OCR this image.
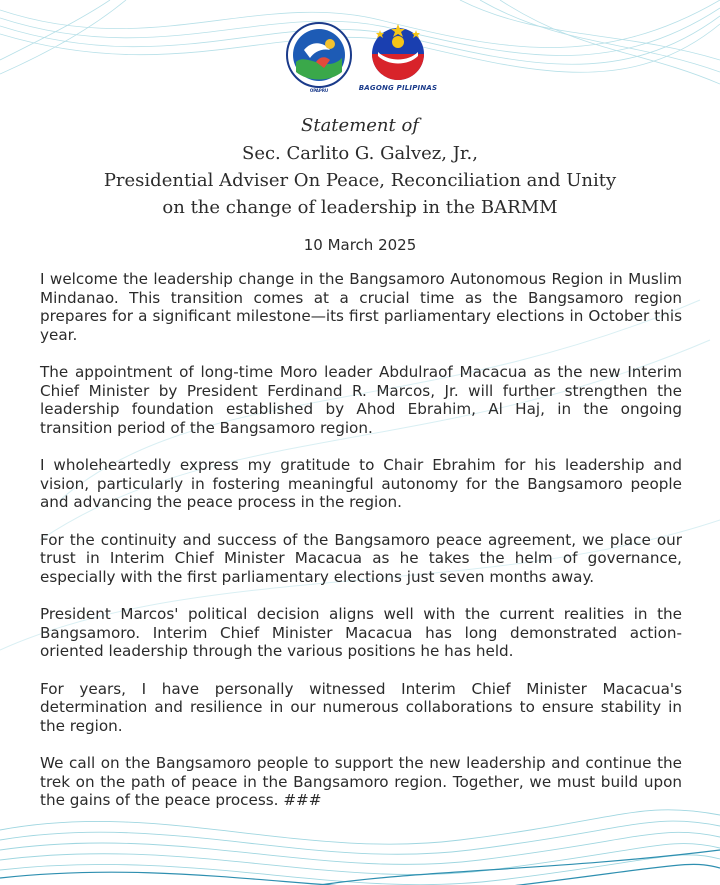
OPAPRU	BAGONG PILIPINAS
Statement of
Sec. Carlito G. Galvez, Jr.,
Presidential Adviser On Peace, Reconciliation and Unity
on the change of leadership in the BARMM
10 March 2025

I welcome the leadership change in the Bangsamoro Autonomous Region in Muslim Mindanao. This transition comes at a crucial time as the Bangsamoro region prepares for a significant milestone—its first parliamentary elections in October this year.

The appointment of long-time Moro leader Abdulraof Macacua as the new Interim Chief Minister by President Ferdinand R. Marcos, Jr. will further strengthen the leadership foundation established by Ahod Ebrahim, Al Haj, in the ongoing transition period of the Bangsamoro region.

I wholeheartedly express my gratitude to Chair Ebrahim for his leadership and vision, particularly in fostering meaningful autonomy for the Bangsamoro people and advancing the peace process in the region.

For the continuity and success of the Bangsamoro peace agreement, we place our trust in Interim Chief Minister Macacua as he takes the helm of governance, especially with the first parliamentary elections just seven months away.

President Marcos' political decision aligns well with the current realities in the Bangsamoro. Interim Chief Minister Macacua has long demonstrated action-oriented leadership through the various positions he has held.

For years, I have personally witnessed Interim Chief Minister Macacua's determination and resilience in our numerous collaborations to ensure stability in the region.

We call on the Bangsamoro people to support the new leadership and continue the trek on the path of peace in the Bangsamoro region. Together, we must build upon the gains of the peace process. ###
